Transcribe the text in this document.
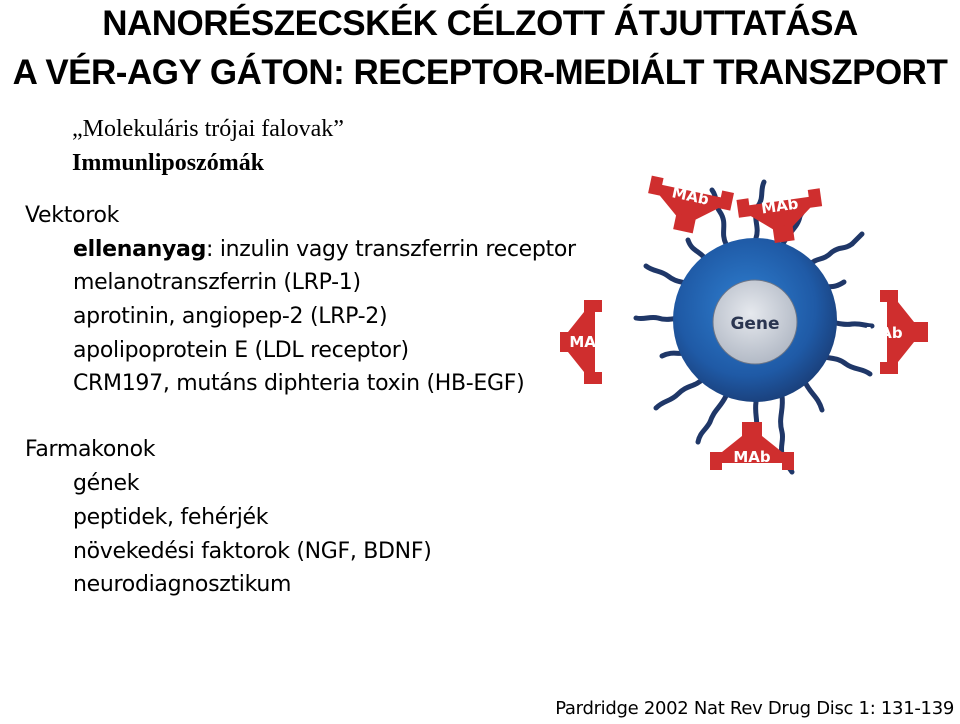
NANORÉSZECSKÉK CÉLZOTT ÁTJUTTATÁSA
A VÉR-AGY GÁTON: RECEPTOR-MEDIÁLT TRANSZPORT
„Molekuláris trójai falovak”
Immunliposzómák
Vektorok
ellenanyag: inzulin vagy transzferrin receptor
melanotranszferrin (LRP-1)
aprotinin, angiopep-2 (LRP-2)
apolipoprotein E (LDL receptor)
CRM197, mutáns diphteria toxin (HB-EGF)
Farmakonok
gének
peptidek, fehérjék
növekedési faktorok (NGF, BDNF)
neurodiagnosztikum
Gene
MAb	MAb
MAb	MAb
MAb
Pardridge 2002 Nat Rev Drug Disc 1: 131-139
